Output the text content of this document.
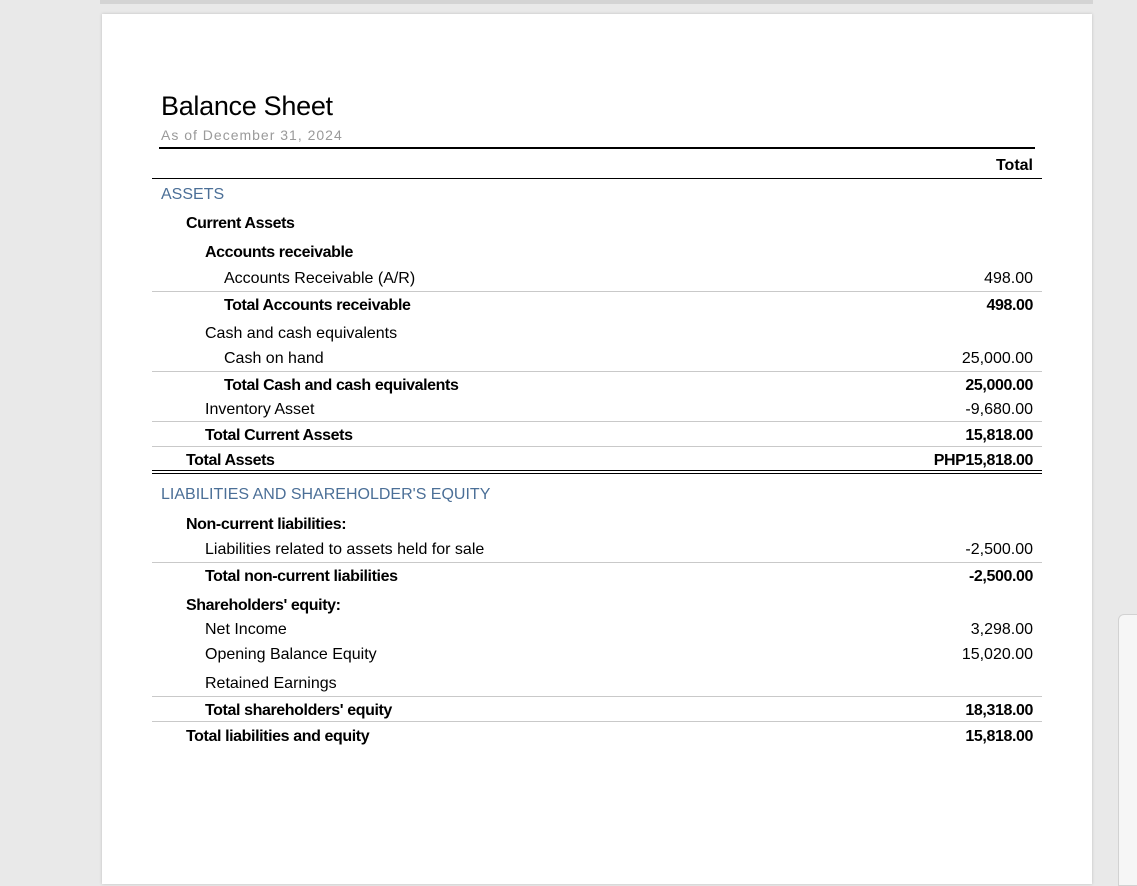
Balance Sheet
As of December 31, 2024
Total
ASSETS
Current Assets
Accounts receivable
Accounts Receivable (A/R)	498.00
Total Accounts receivable	498.00
Cash and cash equivalents
Cash on hand	25,000.00
Total Cash and cash equivalents	25,000.00
Inventory Asset	-9,680.00
Total Current Assets	15,818.00
Total Assets	PHP15,818.00
LIABILITIES AND SHAREHOLDER'S EQUITY
Non-current liabilities:
Liabilities related to assets held for sale	-2,500.00
Total non-current liabilities	-2,500.00
Shareholders' equity:
Net Income	3,298.00
Opening Balance Equity	15,020.00
Retained Earnings
Total shareholders' equity	18,318.00
Total liabilities and equity	15,818.00
